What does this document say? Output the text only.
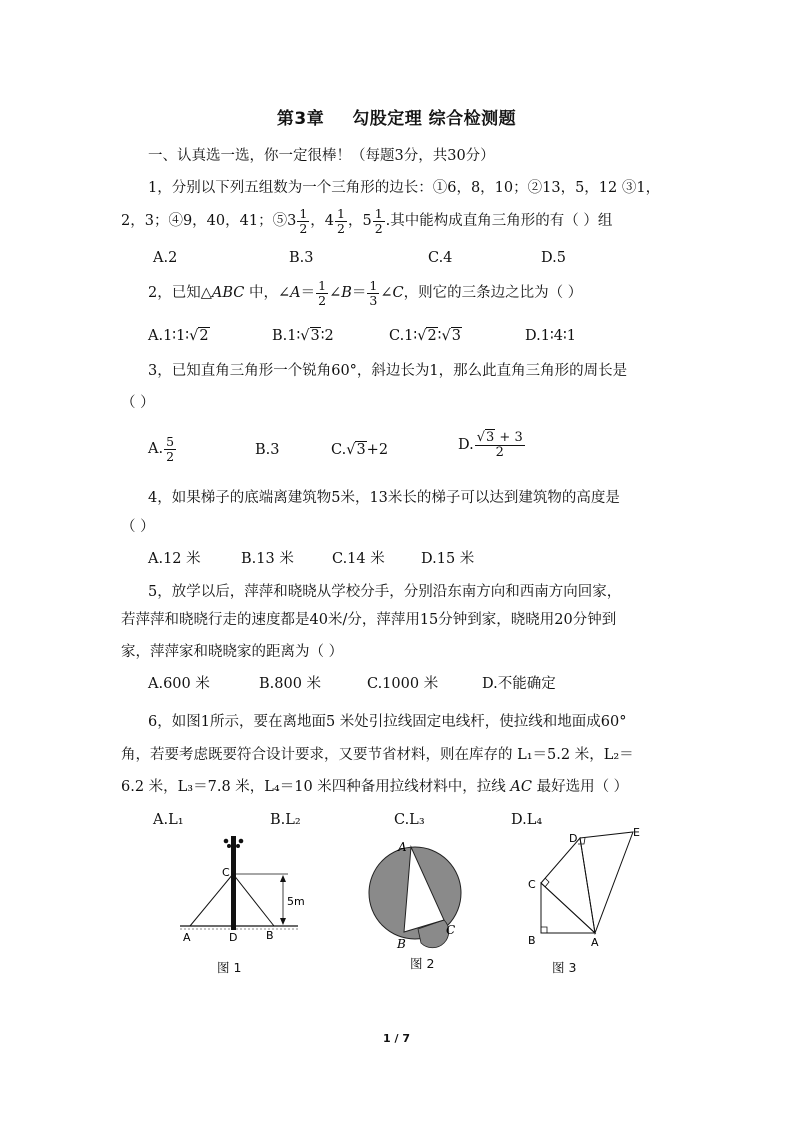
第3章 勾股定理 综合检测题
一、认真选一选，你一定很棒！（每题3分，共30分）
1，分别以下列五组数为一个三角形的边长：①6，8，10；②13，5，12 ③1，
2，3；④9，40，41；⑤3 $\frac{1}{2}$ ，$4 \frac{1}{2}$ ，$5 \frac{1}{2}$ .其中能构成直角三角形的有（ ）组
A.2	B.3	C.4	D.5
2，已知△ABC 中，∠A＝ $\frac{1}{2}$ ∠B＝ $\frac{1}{3}$ ∠C，则它的三条边之比为（ ）
A.1∶1∶√2	B.1∶√3∶2	C.1∶√2∶√3	D.1∶4∶1
3，已知直角三角形一个锐角60°，斜边长为1，那么此直角三角形的周长是
（ ）
A. $\frac{5}{2}$	B.3	C.√3+2	D. $\frac{√3 + 3}{2}$
4，如果梯子的底端离建筑物5米，13米长的梯子可以达到建筑物的高度是
（ ）
A.12 米	B.13 米	C.14 米	D.15 米
5，放学以后，萍萍和晓晓从学校分手，分别沿东南方向和西南方向回家，
若萍萍和晓晓行走的速度都是40米/分，萍萍用15分钟到家，晓晓用20分钟到
家，萍萍家和晓晓家的距离为（ ）
A.600 米	B.800 米	C.1000 米	D.不能确定
6，如图1所示，要在离地面5 米处引拉线固定电线杆，使拉线和地面成60°
角，若要考虑既要符合设计要求，又要节省材料，则在库存的 L₁＝5.2 米，L₂＝
6.2 米，L₃＝7.8 米，L₄＝10 米四种备用拉线材料中，拉线 AC 最好选用（ ）
A.L₁	B.L₂	C.L₃	D.L₄
C
A	D	B
5m
图 1
A
B
C
图 2
D	E
C
B	A
图 3
1 / 7
